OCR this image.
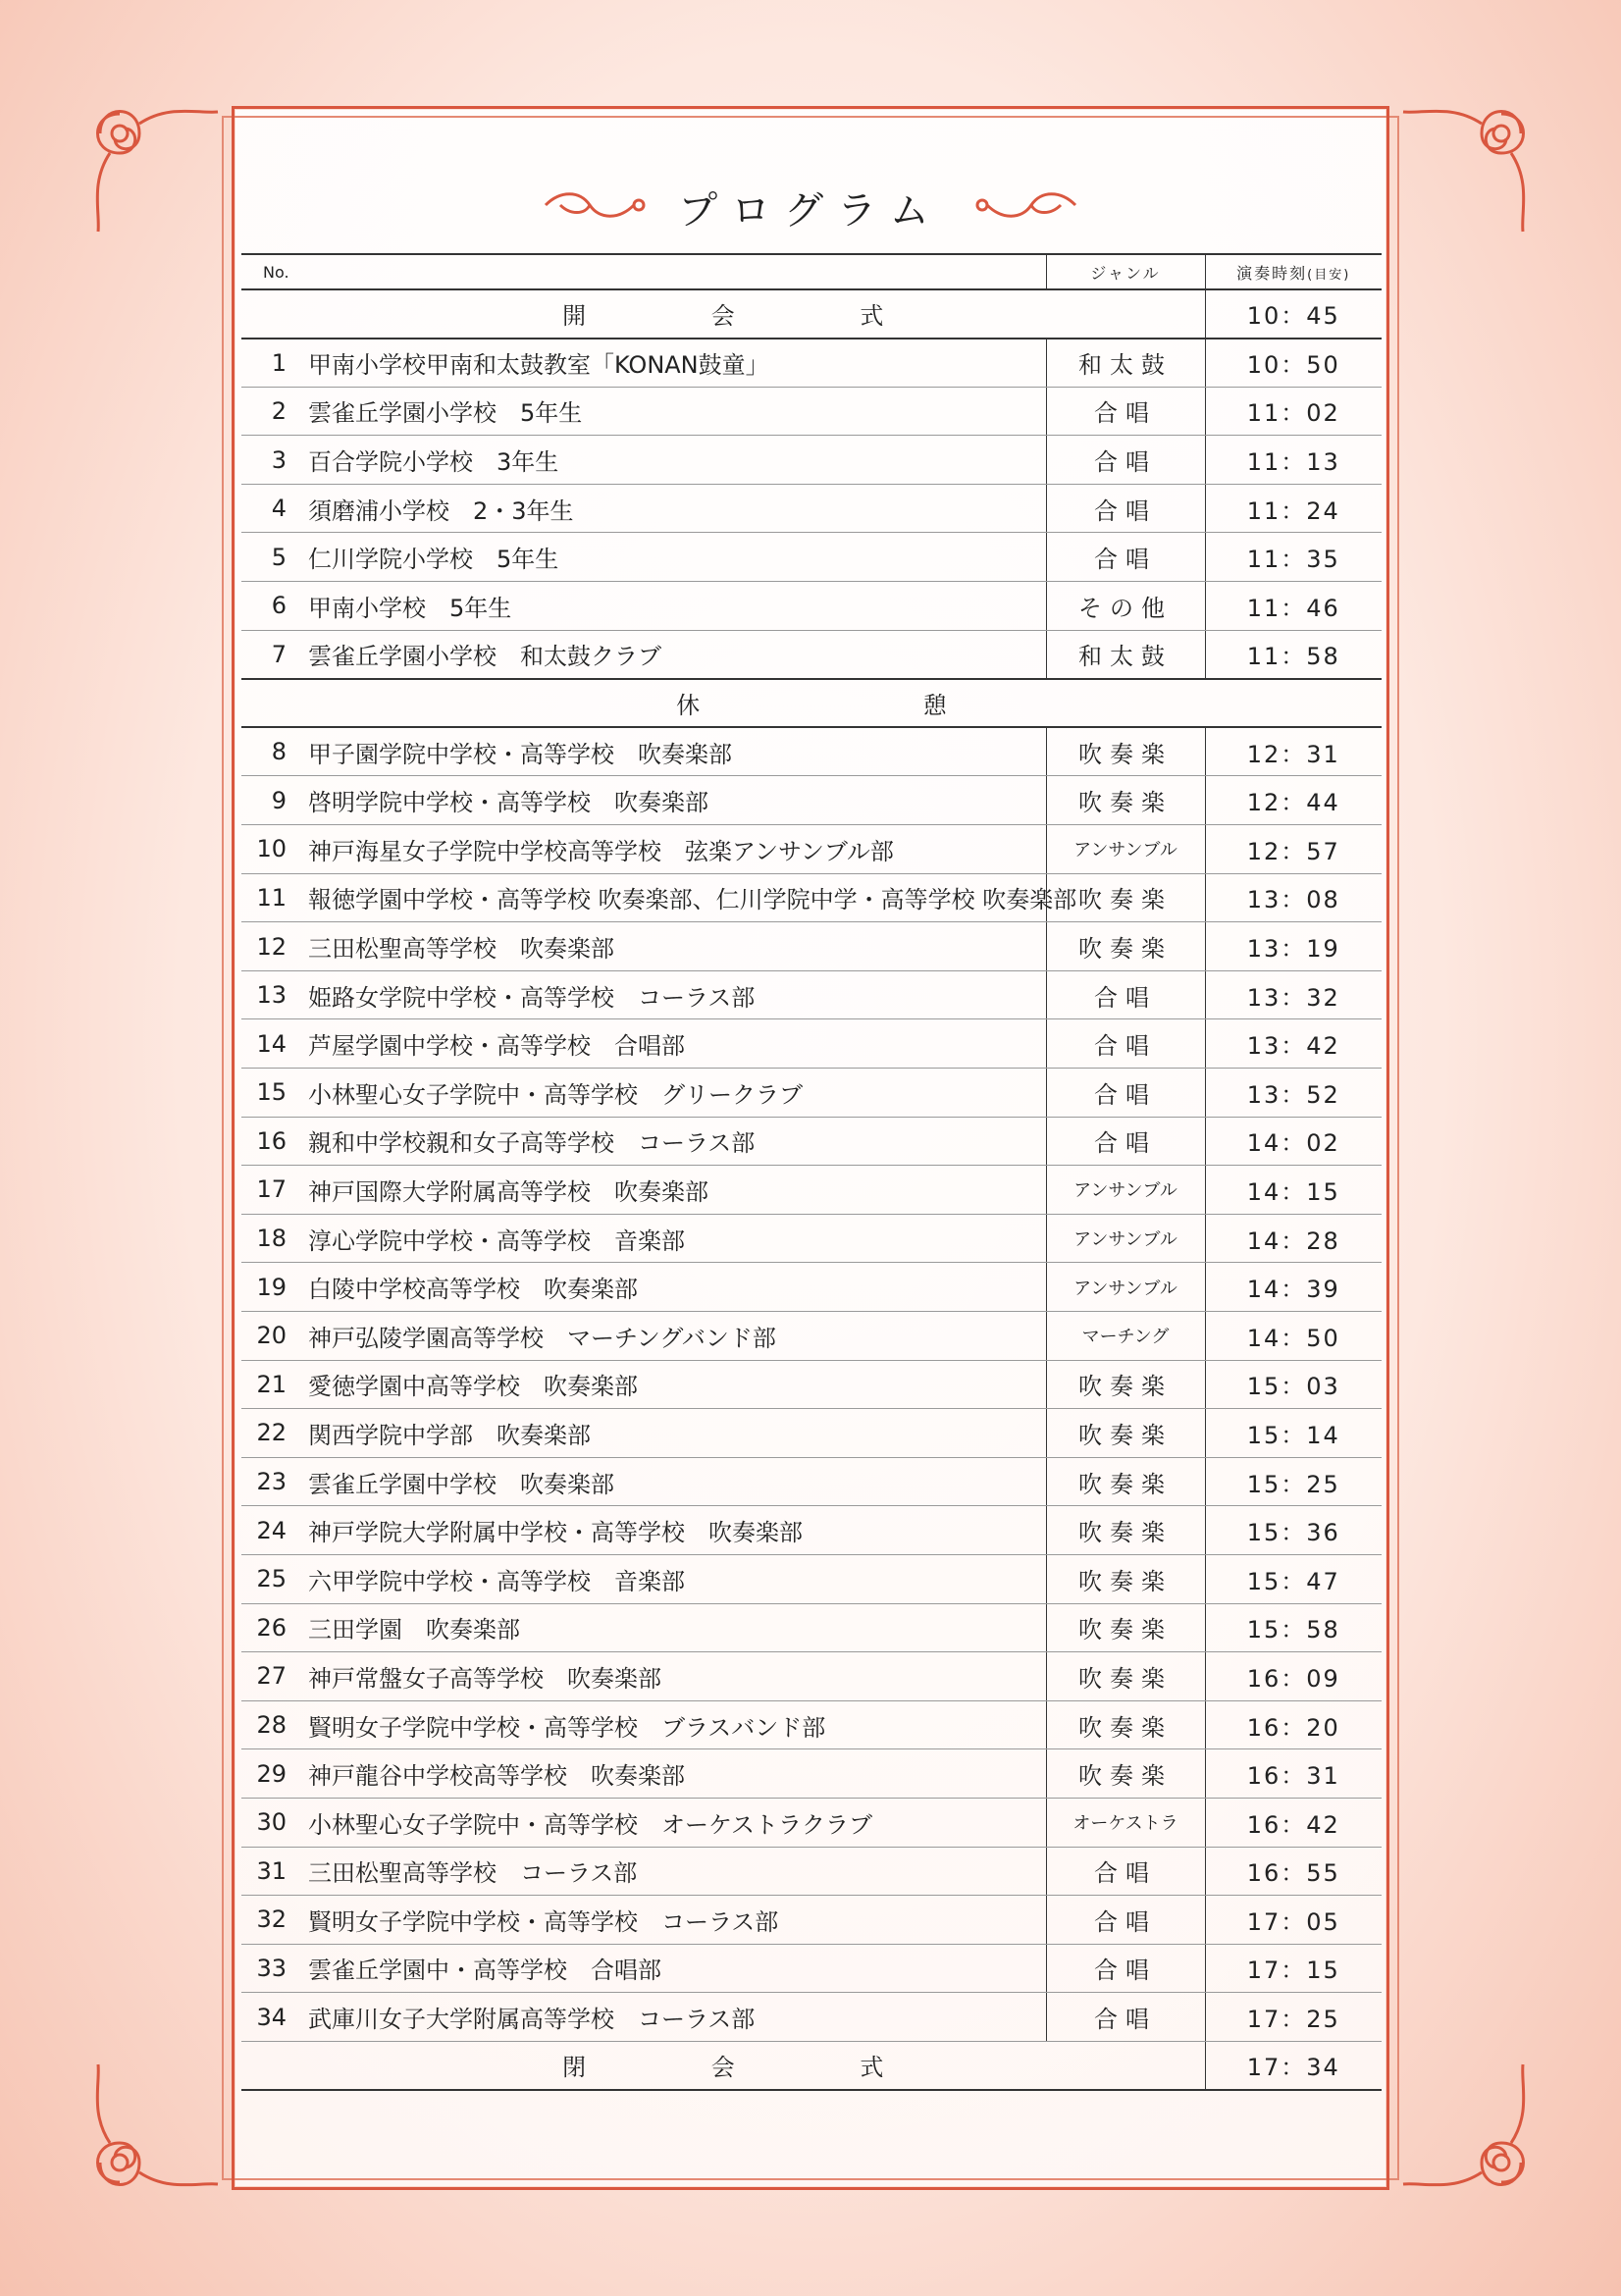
プログラム
No.		ジャンル	演奏時刻(目安)
開 会 式			10：45
1	甲南小学校甲南和太鼓教室「KONAN鼓童」	和太鼓	10：50
2	雲雀丘学園小学校　5年生	合唱	11：02
3	百合学院小学校　3年生	合唱	11：13
4	須磨浦小学校　2・3年生	合唱	11：24
5	仁川学院小学校　5年生	合唱	11：35
6	甲南小学校　5年生	その他	11：46
7	雲雀丘学園小学校　和太鼓クラブ	和太鼓	11：58
休 憩			
8	甲子園学院中学校・高等学校　吹奏楽部	吹奏楽	12：31
9	啓明学院中学校・高等学校　吹奏楽部	吹奏楽	12：44
10	神戸海星女子学院中学校高等学校　弦楽アンサンブル部	アンサンブル	12：57
11	報徳学園中学校・高等学校 吹奏楽部、仁川学院中学・高等学校 吹奏楽部	吹奏楽	13：08
12	三田松聖高等学校　吹奏楽部	吹奏楽	13：19
13	姫路女学院中学校・高等学校　コーラス部	合唱	13：32
14	芦屋学園中学校・高等学校　合唱部	合唱	13：42
15	小林聖心女子学院中・高等学校　グリークラブ	合唱	13：52
16	親和中学校親和女子高等学校　コーラス部	合唱	14：02
17	神戸国際大学附属高等学校　吹奏楽部	アンサンブル	14：15
18	淳心学院中学校・高等学校　音楽部	アンサンブル	14：28
19	白陵中学校高等学校　吹奏楽部	アンサンブル	14：39
20	神戸弘陵学園高等学校　マーチングバンド部	マーチング	14：50
21	愛徳学園中高等学校　吹奏楽部	吹奏楽	15：03
22	関西学院中学部　吹奏楽部	吹奏楽	15：14
23	雲雀丘学園中学校　吹奏楽部	吹奏楽	15：25
24	神戸学院大学附属中学校・高等学校　吹奏楽部	吹奏楽	15：36
25	六甲学院中学校・高等学校　音楽部	吹奏楽	15：47
26	三田学園　吹奏楽部	吹奏楽	15：58
27	神戸常盤女子高等学校　吹奏楽部	吹奏楽	16：09
28	賢明女子学院中学校・高等学校　ブラスバンド部	吹奏楽	16：20
29	神戸龍谷中学校高等学校　吹奏楽部	吹奏楽	16：31
30	小林聖心女子学院中・高等学校　オーケストラクラブ	オーケストラ	16：42
31	三田松聖高等学校　コーラス部	合唱	16：55
32	賢明女子学院中学校・高等学校　コーラス部	合唱	17：05
33	雲雀丘学園中・高等学校　合唱部	合唱	17：15
34	武庫川女子大学附属高等学校　コーラス部	合唱	17：25
閉 会 式			17：34
